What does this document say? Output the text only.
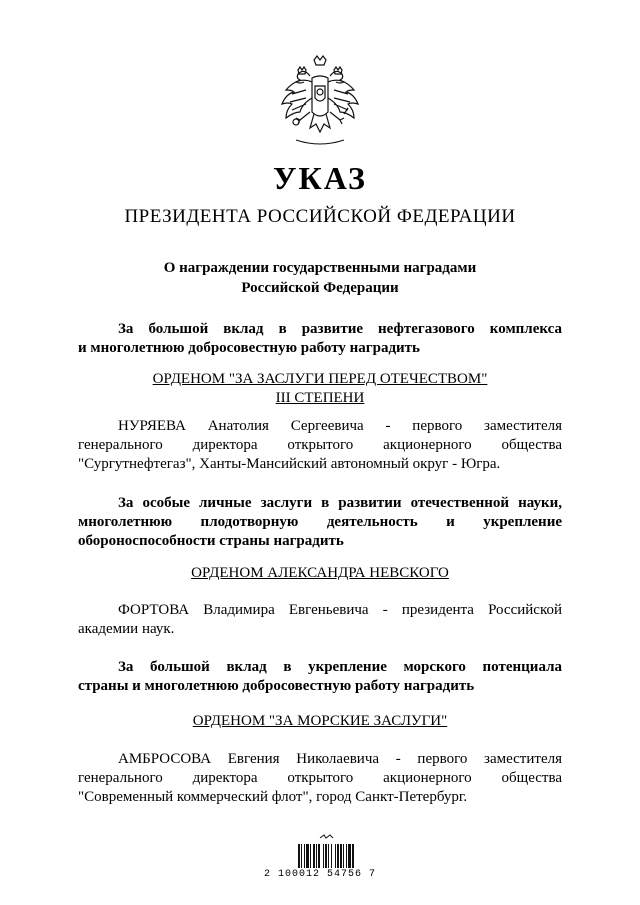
УКАЗ
ПРЕЗИДЕНТА РОССИЙСКОЙ ФЕДЕРАЦИИ
О награждении государственными наградами
Российской Федерации
За большой вклад в развитие нефтегазового комплекса
и многолетнюю добросовестную работу наградить
ОРДЕНОМ "ЗА ЗАСЛУГИ ПЕРЕД ОТЕЧЕСТВОМ"
III СТЕПЕНИ
НУРЯЕВА Анатолия Сергеевича - первого заместителя
генерального директора открытого акционерного общества
"Сургутнефтегаз", Ханты-Мансийский автономный округ - Югра.
За особые личные заслуги в развитии отечественной науки,
многолетнюю плодотворную деятельность и укрепление
обороноспособности страны наградить
ОРДЕНОМ АЛЕКСАНДРА НЕВСКОГО
ФОРТОВА Владимира Евгеньевича - президента Российской
академии наук.
За большой вклад в укрепление морского потенциала
страны и многолетнюю добросовестную работу наградить
ОРДЕНОМ "ЗА МОРСКИЕ ЗАСЛУГИ"
АМБРОСОВА Евгения Николаевича - первого заместителя
генерального директора открытого акционерного общества
"Современный коммерческий флот", город Санкт-Петербург.
2 100012 54756 7
